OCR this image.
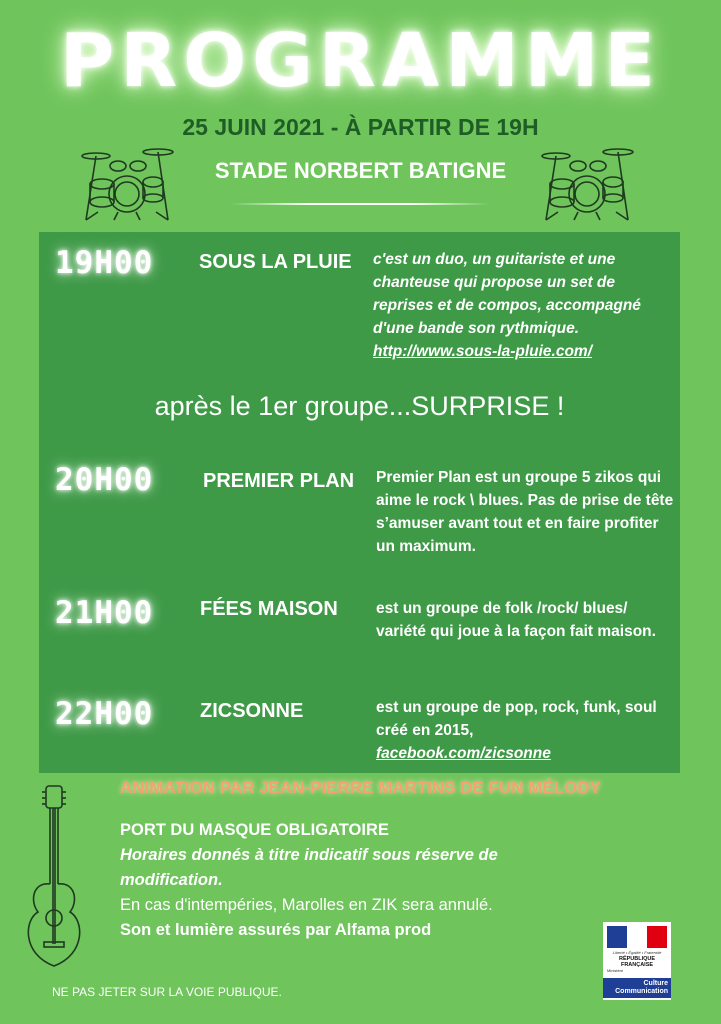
PROGRAMME
25 JUIN 2021 - À PARTIR DE 19H
STADE NORBERT BATIGNE
19H00 SOUS LA PLUIE c'est un duo, un guitariste et une chanteuse qui propose un set de reprises et de compos, accompagné d'une bande son rythmique.
http://www.sous-la-pluie.com/
après le 1er groupe...SURPRISE !
20H00 PREMIER PLAN Premier Plan est un groupe 5 zikos qui aime le rock \ blues. Pas de prise de tête s’amuser avant tout et en faire profiter un maximum.
21H00 FÉES MAISON est un groupe de folk /rock/ blues/ variété qui joue à la façon fait maison.
22H00 ZICSONNE	est un groupe de pop, rock, funk, soul créé en 2015,
facebook.com/zicsonne
ANIMATION PAR JEAN-PIERRE MARTINS DE FUN MÉLODY
PORT DU MASQUE OBLIGATOIRE
Horaires donnés à titre indicatif sous réserve de modification.
En cas d'intempéries, Marolles en ZIK sera annulé.
Son et lumière assurés par Alfama prod
NE PAS JETER SUR LA VOIE PUBLIQUE.
Liberté • Égalité • Fraternité
RÉPUBLIQUE FRANÇAISE
Ministère
Culture
Communication
